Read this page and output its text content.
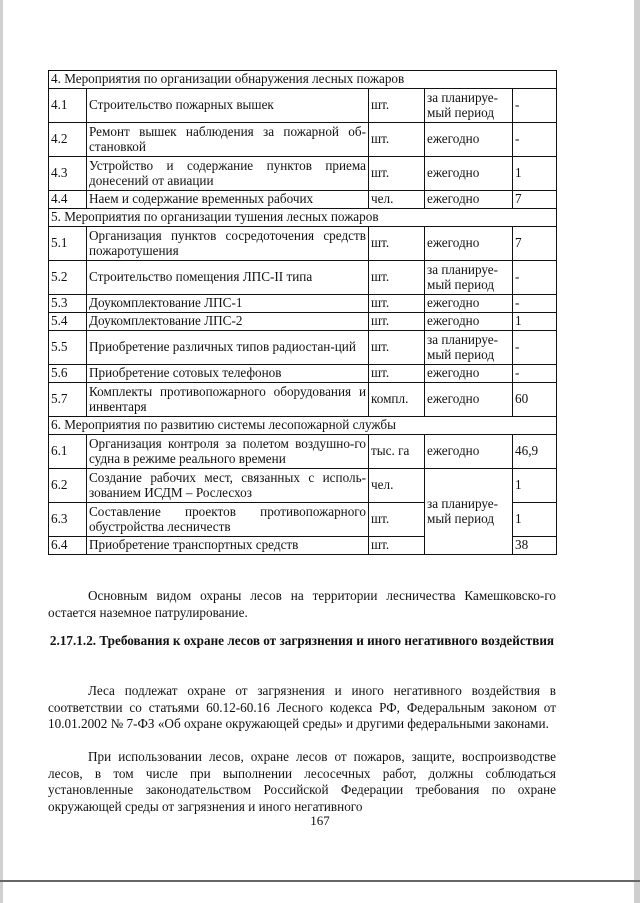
4. Мероприятия по организации обнаружения лесных пожаров				
4.1	Строительство пожарных вышек	шт.	за планируе-мый период	-
4.2	Ремонт вышек наблюдения за пожарной об-становкой	шт.	ежегодно	-
4.3	Устройство и содержание пунктов приема донесений от авиации	шт.	ежегодно	1
4.4	Наем и содержание временных рабочих	чел.	ежегодно	7
5. Мероприятия по организации тушения лесных пожаров				
5.1	Организация пунктов сосредоточения средств пожаротушения	шт.	ежегодно	7
5.2	Строительство помещения ЛПС-II типа	шт.	за планируе-мый период	-
5.3	Доукомплектование ЛПС-1	шт.	ежегодно	-
5.4	Доукомплектование ЛПС-2	шт.	ежегодно	1
5.5	Приобретение различных типов радиостан-ций	шт.	за планируе-мый период	-
5.6	Приобретение сотовых телефонов	шт.	ежегодно	-
5.7	Комплекты противопожарного оборудования и инвентаря	компл.	ежегодно	60
6. Мероприятия по развитию системы лесопожарной службы				
6.1	Организация контроля за полетом воздушно-го судна в режиме реального времени	тыс. га	ежегодно	46,9
6.2	Создание рабочих мест, связанных с исполь-зованием ИСДМ – Рослесхоз	чел.	за планируе-мый период	1
6.3	Составление проектов противопожарного обустройства лесничеств	шт.		1
6.4	Приобретение транспортных средств	шт.		38
Основным видом охраны лесов на территории лесничества Камешковско-го остается наземное патрулирование.
2.17.1.2. Требования к охране лесов от загрязнения и иного негативного воздействия
Леса подлежат охране от загрязнения и иного негативного воздействия в соответствии со статьями 60.12-60.16 Лесного кодекса РФ, Федеральным законом от 10.01.2002 № 7-ФЗ «Об охране окружающей среды» и другими федеральными законами.
При использовании лесов, охране лесов от пожаров, защите, воспроизводстве лесов, в том числе при выполнении лесосечных работ, должны соблюдаться установленные законодательством Российской Федерации требования по охране окружающей среды от загрязнения и иного негативного
167
